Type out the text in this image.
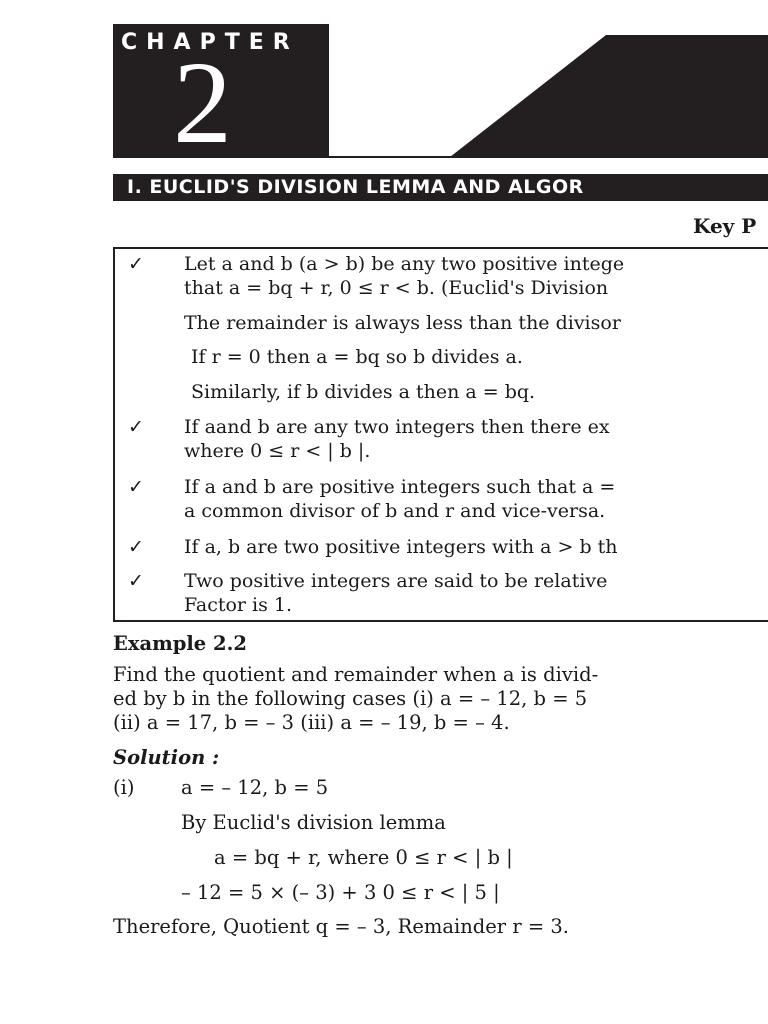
CHAPTER
2
I. EUCLID'S DIVISION LEMMA AND ALGOR
Key P
✓ Let a and b (a > b) be any two positive intege
that a = bq + r, 0 ≤ r < b. (Euclid's Division
The remainder is always less than the divisor
If r = 0 then a = bq so b divides a.
Similarly, if b divides a then a = bq.
✓ If aand b are any two integers then there ex
where 0 ≤ r < | b |.
✓ If a and b are positive integers such that a =
a common divisor of b and r and vice-versa.
✓ If a, b are two positive integers with a > b th
✓ Two positive integers are said to be relative
Factor is 1.
Example 2.2
Find the quotient and remainder when a is divid-
ed by b in the following cases (i) a = – 12, b = 5
(ii) a = 17, b = – 3 (iii) a = – 19, b = – 4.
Solution :
(i) a = – 12, b = 5
By Euclid's division lemma
a = bq + r, where 0 ≤ r < | b |
– 12 = 5 × (– 3) + 3 0 ≤ r < | 5 |
Therefore, Quotient q = – 3, Remainder r = 3.
